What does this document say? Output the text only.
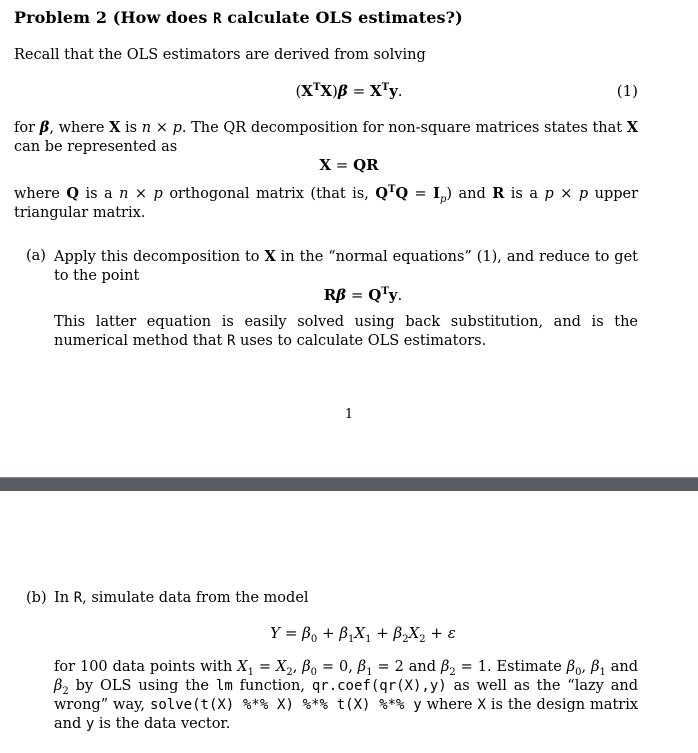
Problem 2 (How does R calculate OLS estimates?)

Recall that the OLS estimators are derived from solving

$(X^TX)\beta = X^Ty$.	(1)

for β, where X is n × p. The QR decomposition for non-square matrices states that X can be represented as

X = QR

where Q is a n × p orthogonal matrix (that is, $Q^TQ = I_p$) and R is a p × p upper triangular matrix.

(a) Apply this decomposition to X in the “normal equations” (1), and reduce to get to the point
$R\beta = Q^Ty$.
This latter equation is easily solved using back substitution, and is the numerical method that R uses to calculate OLS estimators.
1
(b) In R, simulate data from the model
$Y = \beta_0 + \beta_1X_1 + \beta_2X_2 + \varepsilon$
for 100 data points with $X_1 = X_2$, $\beta_0 = 0$, $\beta_1 = 2$ and $\beta_2 = 1$. Estimate $\beta_0$, $\beta_1$ and $\beta_2$ by OLS using the lm function, qr.coef(qr(X),y) as well as the “lazy and wrong” way, solve(t(X) %*% X) %*% t(X) %*% y where X is the design matrix and y is the data vector.
